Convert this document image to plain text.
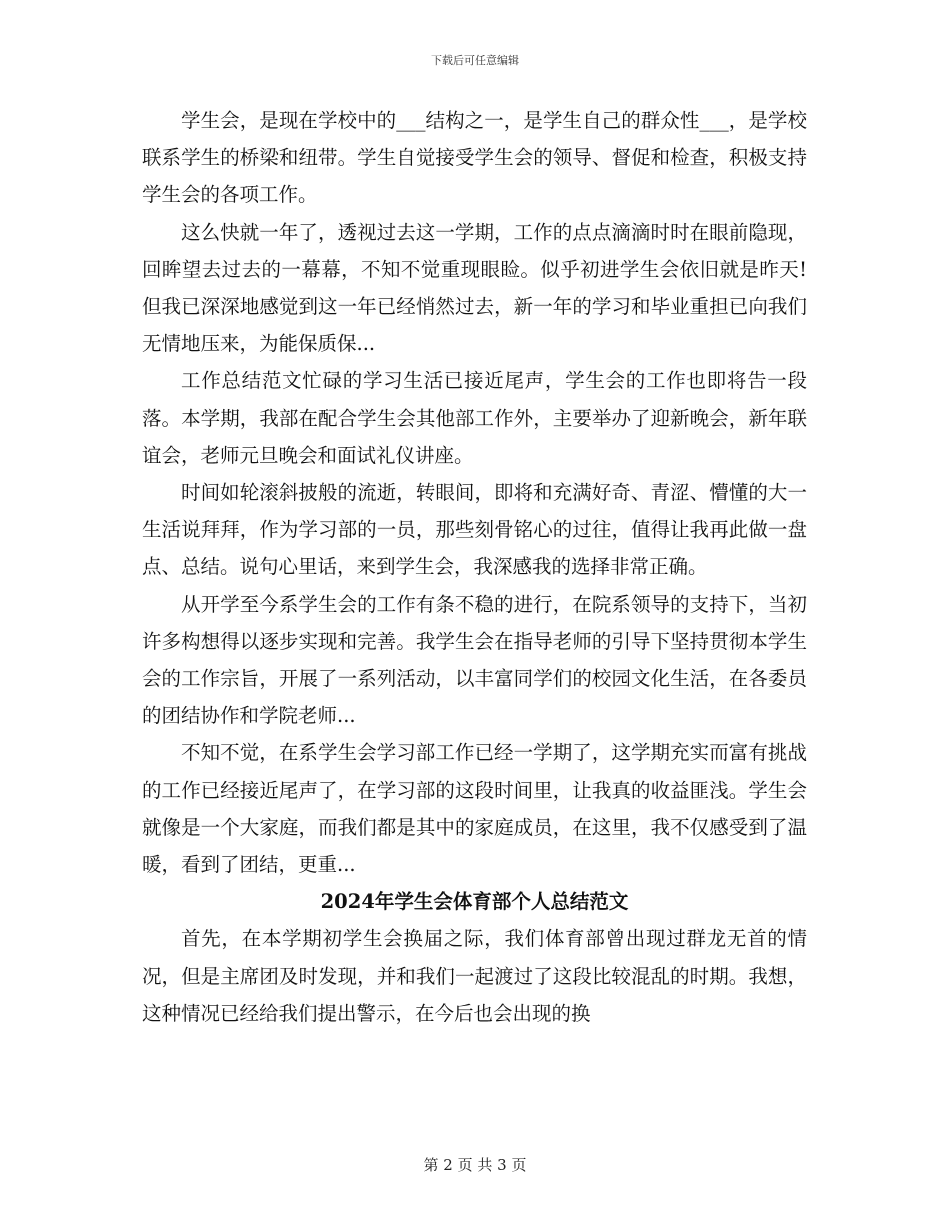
下载后可任意编辑

学生会，是现在学校中的___结构之一，是学生自己的群众性___，是学校联系学生的桥梁和纽带。学生自觉接受学生会的领导、督促和检查，积极支持学生会的各项工作。

这么快就一年了，透视过去这一学期，工作的点点滴滴时时在眼前隐现，回眸望去过去的一幕幕，不知不觉重现眼睑。似乎初进学生会依旧就是昨天!但我已深深地感觉到这一年已经悄然过去，新一年的学习和毕业重担已向我们无情地压来，为能保质保...

工作总结范文忙碌的学习生活已接近尾声，学生会的工作也即将告一段落。本学期，我部在配合学生会其他部工作外，主要举办了迎新晚会，新年联谊会，老师元旦晚会和面试礼仪讲座。

时间如轮滚斜披般的流逝，转眼间，即将和充满好奇、青涩、懵懂的大一生活说拜拜，作为学习部的一员，那些刻骨铭心的过往，值得让我再此做一盘点、总结。说句心里话，来到学生会，我深感我的选择非常正确。

从开学至今系学生会的工作有条不稳的进行，在院系领导的支持下，当初许多构想得以逐步实现和完善。我学生会在指导老师的引导下坚持贯彻本学生会的工作宗旨，开展了一系列活动，以丰富同学们的校园文化生活，在各委员的团结协作和学院老师...

不知不觉，在系学生会学习部工作已经一学期了，这学期充实而富有挑战的工作已经接近尾声了，在学习部的这段时间里，让我真的收益匪浅。学生会就像是一个大家庭，而我们都是其中的家庭成员，在这里，我不仅感受到了温暖，看到了团结，更重...

2024年学生会体育部个人总结范文

首先，在本学期初学生会换届之际，我们体育部曾出现过群龙无首的情况，但是主席团及时发现，并和我们一起渡过了这段比较混乱的时期。我想，这种情况已经给我们提出警示，在今后也会出现的换

第 2 页 共 3 页
